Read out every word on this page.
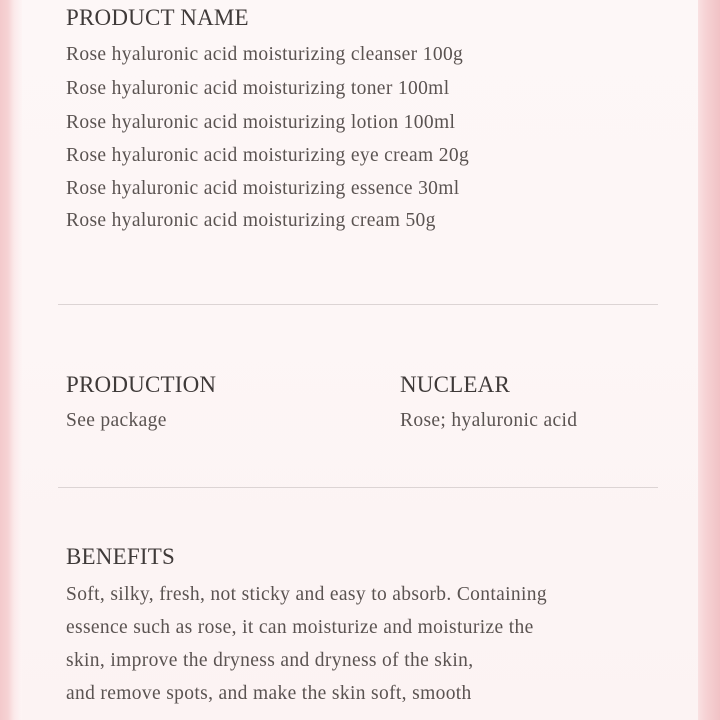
PRODUCT NAME
Rose hyaluronic acid moisturizing cleanser 100g
Rose hyaluronic acid moisturizing toner 100ml
Rose hyaluronic acid moisturizing lotion 100ml
Rose hyaluronic acid moisturizing eye cream 20g
Rose hyaluronic acid moisturizing essence 30ml
Rose hyaluronic acid moisturizing cream 50g
PRODUCTION
See package
NUCLEAR
Rose; hyaluronic acid
BENEFITS
Soft, silky, fresh, not sticky and easy to absorb. Containing
essence such as rose, it can moisturize and moisturize the
skin, improve the dryness and dryness of the skin,
and remove spots, and make the skin soft, smooth
